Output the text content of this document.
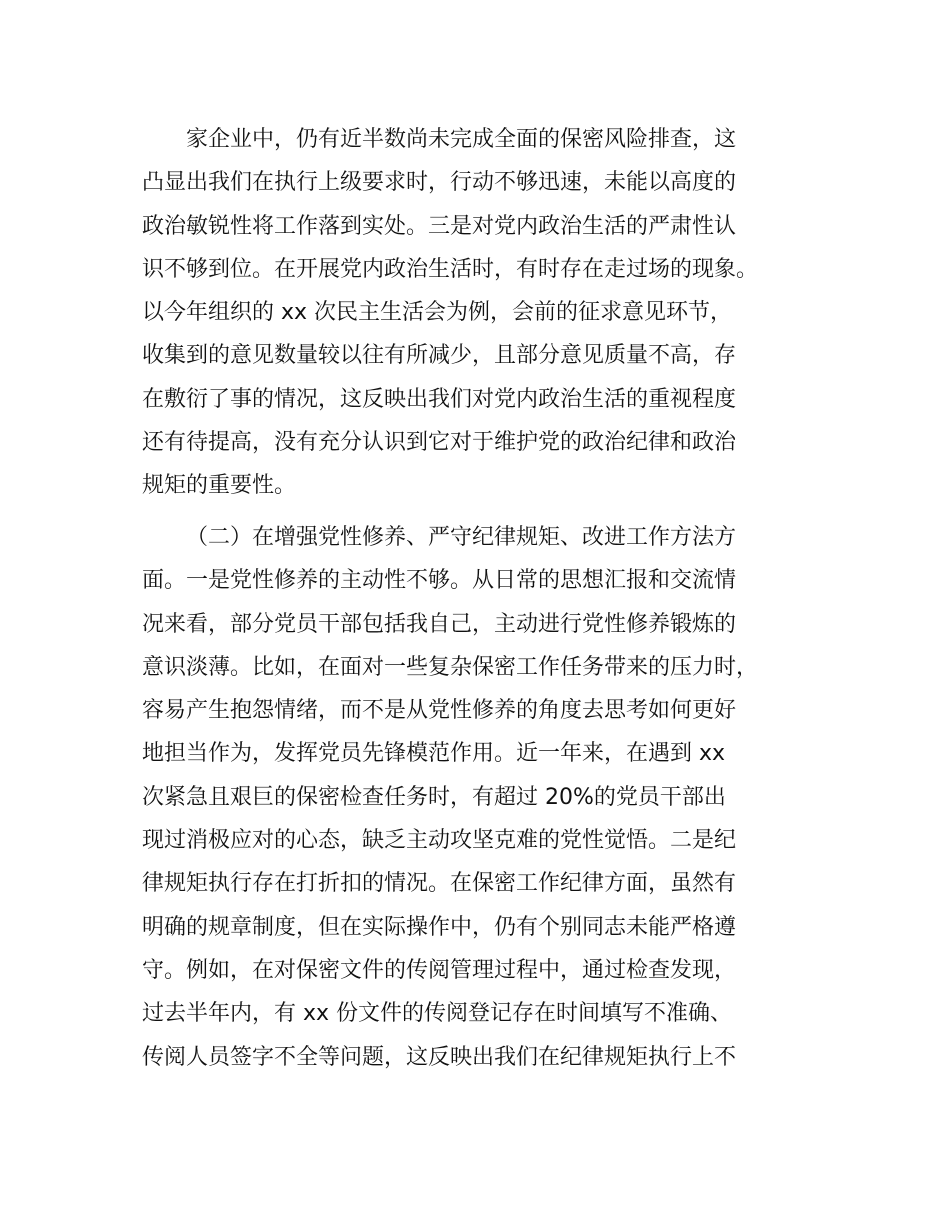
家企业中，仍有近半数尚未完成全面的保密风险排查，这
凸显出我们在执行上级要求时，行动不够迅速，未能以高度的
政治敏锐性将工作落到实处。三是对党内政治生活的严肃性认
识不够到位。在开展党内政治生活时，有时存在走过场的现象。
以今年组织的 xx 次民主生活会为例，会前的征求意见环节，
收集到的意见数量较以往有所减少，且部分意见质量不高，存
在敷衍了事的情况，这反映出我们对党内政治生活的重视程度
还有待提高，没有充分认识到它对于维护党的政治纪律和政治
规矩的重要性。
（二）在增强党性修养、严守纪律规矩、改进工作方法方
面。一是党性修养的主动性不够。从日常的思想汇报和交流情
况来看，部分党员干部包括我自己，主动进行党性修养锻炼的
意识淡薄。比如，在面对一些复杂保密工作任务带来的压力时，
容易产生抱怨情绪，而不是从党性修养的角度去思考如何更好
地担当作为，发挥党员先锋模范作用。近一年来，在遇到 xx
次紧急且艰巨的保密检查任务时，有超过 20%的党员干部出
现过消极应对的心态，缺乏主动攻坚克难的党性觉悟。二是纪
律规矩执行存在打折扣的情况。在保密工作纪律方面，虽然有
明确的规章制度，但在实际操作中，仍有个别同志未能严格遵
守。例如，在对保密文件的传阅管理过程中，通过检查发现，
过去半年内，有 xx 份文件的传阅登记存在时间填写不准确、
传阅人员签字不全等问题，这反映出我们在纪律规矩执行上不
